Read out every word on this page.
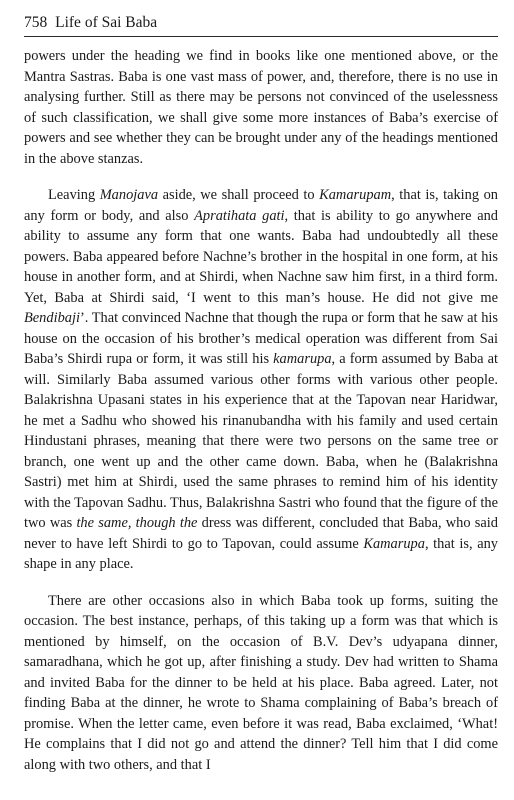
758 Life of Sai Baba

powers under the heading we find in books like one mentioned above, or the Mantra Sastras. Baba is one vast mass of power, and, therefore, there is no use in analysing further. Still as there may be persons not convinced of the uselessness of such classification, we shall give some more instances of Baba’s exercise of powers and see whether they can be brought under any of the headings mentioned in the above stanzas.

Leaving Manojava aside, we shall proceed to Kamarupam, that is, taking on any form or body, and also Apratihata gati, that is ability to go anywhere and ability to assume any form that one wants. Baba had undoubtedly all these powers. Baba appeared before Nachne’s brother in the hospital in one form, at his house in another form, and at Shirdi, when Nachne saw him first, in a third form. Yet, Baba at Shirdi said, ‘I went to this man’s house. He did not give me Bendibaji’. That convinced Nachne that though the rupa or form that he saw at his house on the occasion of his brother’s medical operation was different from Sai Baba’s Shirdi rupa or form, it was still his kamarupa, a form assumed by Baba at will. Similarly Baba assumed various other forms with various other people. Balakrishna Upasani states in his experience that at the Tapovan near Haridwar, he met a Sadhu who showed his rinanubandha with his family and used certain Hindustani phrases, meaning that there were two persons on the same tree or branch, one went up and the other came down. Baba, when he (Balakrishna Sastri) met him at Shirdi, used the same phrases to remind him of his identity with the Tapovan Sadhu. Thus, Balakrishna Sastri who found that the figure of the two was the same, though the dress was different, concluded that Baba, who said never to have left Shirdi to go to Tapovan, could assume Kamarupa, that is, any shape in any place.

There are other occasions also in which Baba took up forms, suiting the occasion. The best instance, perhaps, of this taking up a form was that which is mentioned by himself, on the occasion of B.V. Dev’s udyapana dinner, samaradhana, which he got up, after finishing a study. Dev had written to Shama and invited Baba for the dinner to be held at his place. Baba agreed. Later, not finding Baba at the dinner, he wrote to Shama complaining of Baba’s breach of promise. When the letter came, even before it was read, Baba exclaimed, ‘What! He complains that I did not go and attend the dinner? Tell him that I did come along with two others, and that I
